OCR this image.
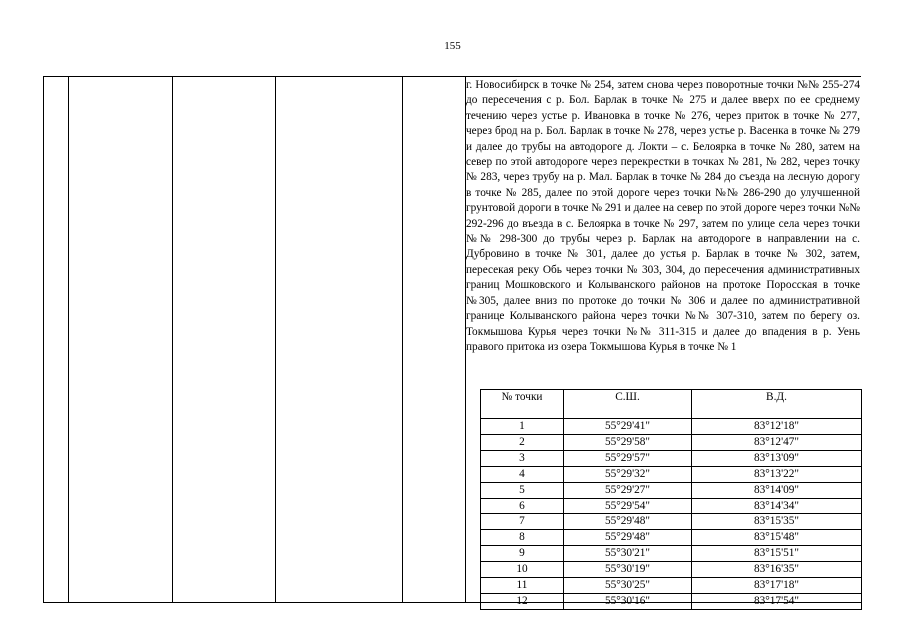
155
г. Новосибирск в точке № 254, затем снова через поворотные точки №№ 255-274 до пересечения с р. Бол. Барлак в точке № 275 и далее вверх по ее среднему течению через устье р. Ивановка в точке № 276, через приток в точке № 277, через брод на р. Бол. Барлак в точке № 278, через устье р. Васенка в точке № 279 и далее до трубы на автодороге д. Локти – с. Белоярка в точке № 280, затем на север по этой автодороге через перекрестки в точках № 281, № 282, через точку № 283, через трубу на р. Мал. Барлак в точке № 284 до съезда на лесную дорогу в точке № 285, далее по этой дороге через точки №№ 286-290 до улучшенной грунтовой дороги в точке № 291 и далее на север по этой дороге через точки №№ 292-296 до въезда в с. Белоярка в точке № 297, затем по улице села через точки №№ 298-300 до трубы через р. Барлак на автодороге в направлении на с. Дубровино в точке № 301, далее до устья р. Барлак в точке № 302, затем, пересекая реку Обь через точки № 303, 304, до пересечения административных границ Мошковского и Колыванского районов на протоке Поросская в точке №305, далее вниз по протоке до точки № 306 и далее по административной границе Колыванского района через точки №№ 307-310, затем по берегу оз. Токмышова Курья через точки №№ 311-315 и далее до впадения в р. Уень правого притока из озера Токмышова Курья в точке № 1
№ точки	С.Ш.	В.Д.
1	55°29'41"	83°12'18"
2	55°29'58"	83°12'47"
3	55°29'57"	83°13'09"
4	55°29'32"	83°13'22"
5	55°29'27"	83°14'09"
6	55°29'54"	83°14'34"
7	55°29'48"	83°15'35"
8	55°29'48"	83°15'48"
9	55°30'21"	83°15'51"
10	55°30'19"	83°16'35"
11	55°30'25"	83°17'18"
12	55°30'16"	83°17'54"
